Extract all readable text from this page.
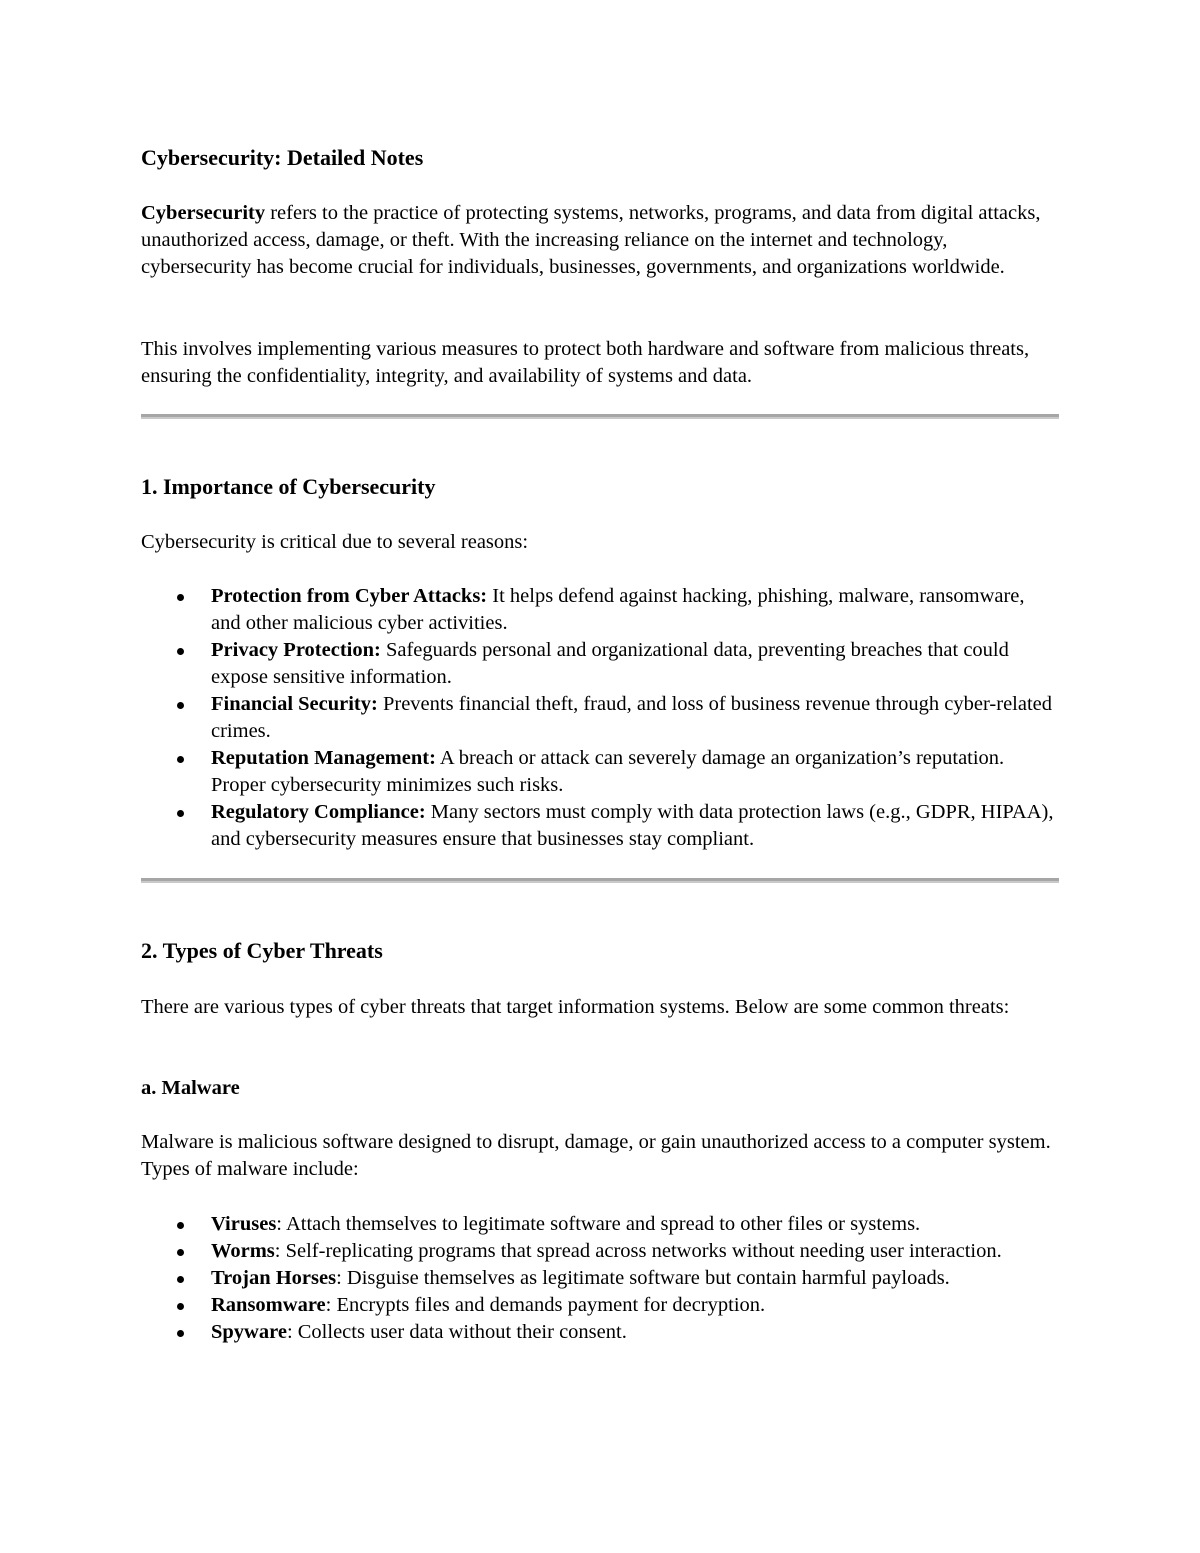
Cybersecurity: Detailed Notes

Cybersecurity refers to the practice of protecting systems, networks, programs, and data from digital attacks, unauthorized access, damage, or theft. With the increasing reliance on the internet and technology, cybersecurity has become crucial for individuals, businesses, governments, and organizations worldwide.

This involves implementing various measures to protect both hardware and software from malicious threats, ensuring the confidentiality, integrity, and availability of systems and data.

1. Importance of Cybersecurity

Cybersecurity is critical due to several reasons:

Protection from Cyber Attacks: It helps defend against hacking, phishing, malware, ransomware, and other malicious cyber activities.
Privacy Protection: Safeguards personal and organizational data, preventing breaches that could expose sensitive information.
Financial Security: Prevents financial theft, fraud, and loss of business revenue through cyber-related crimes.
Reputation Management: A breach or attack can severely damage an organization’s reputation. Proper cybersecurity minimizes such risks.
Regulatory Compliance: Many sectors must comply with data protection laws (e.g., GDPR, HIPAA), and cybersecurity measures ensure that businesses stay compliant.
2. Types of Cyber Threats

There are various types of cyber threats that target information systems. Below are some common threats:

a. Malware

Malware is malicious software designed to disrupt, damage, or gain unauthorized access to a computer system. Types of malware include:

Viruses: Attach themselves to legitimate software and spread to other files or systems.
Worms: Self-replicating programs that spread across networks without needing user interaction.
Trojan Horses: Disguise themselves as legitimate software but contain harmful payloads.
Ransomware: Encrypts files and demands payment for decryption.
Spyware: Collects user data without their consent.
